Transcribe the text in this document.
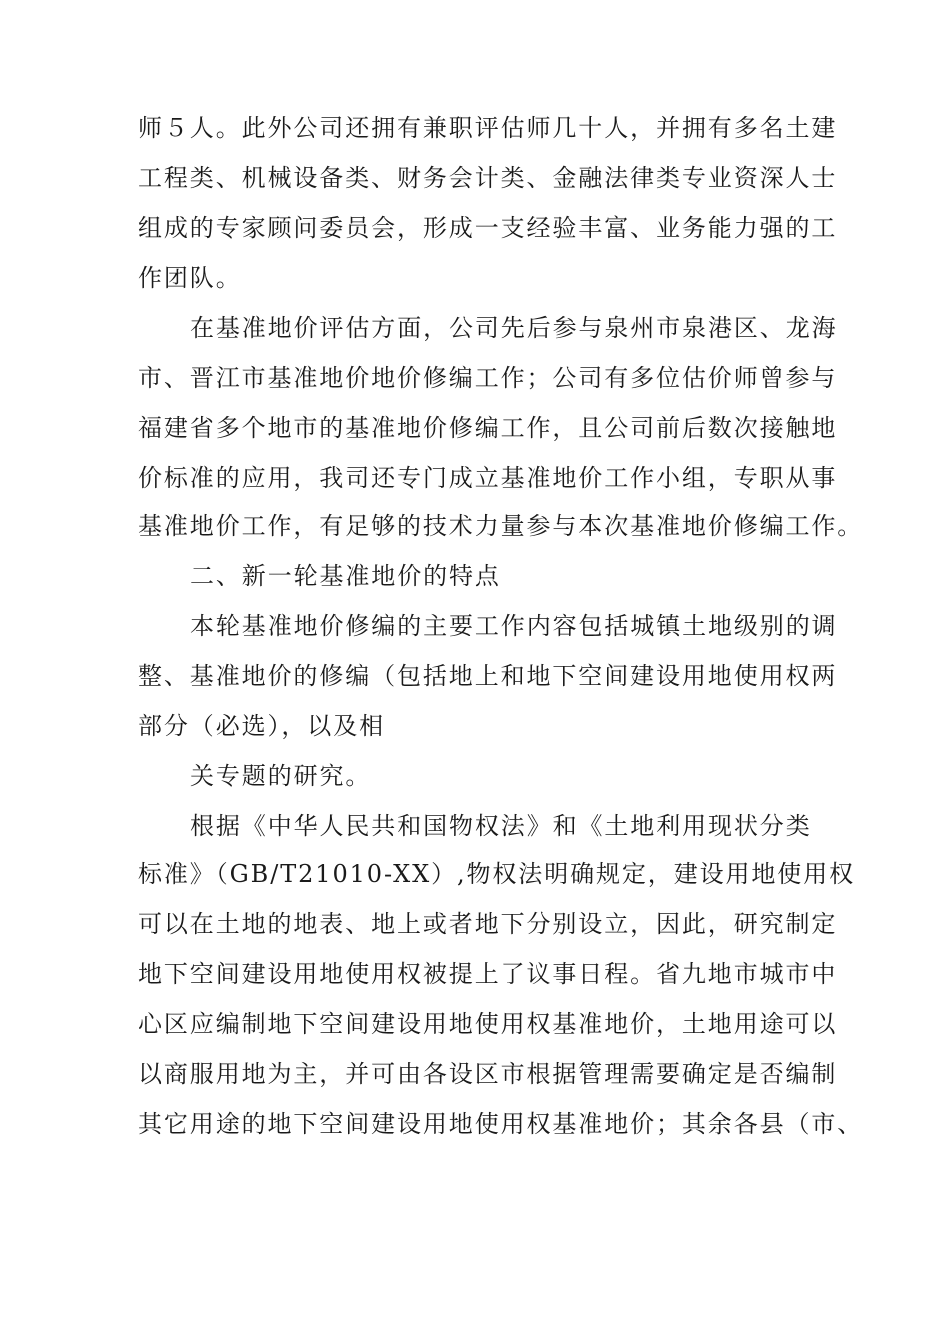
师５人。此外公司还拥有兼职评估师几十人，并拥有多名土建
工程类、机械设备类、财务会计类、金融法律类专业资深人士
组成的专家顾问委员会，形成一支经验丰富、业务能力强的工
作团队。
在基准地价评估方面，公司先后参与泉州市泉港区、龙海
市、晋江市基准地价地价修编工作；公司有多位估价师曾参与
福建省多个地市的基准地价修编工作，且公司前后数次接触地
价标准的应用，我司还专门成立基准地价工作小组，专职从事
基准地价工作，有足够的技术力量参与本次基准地价修编工作。
二、新一轮基准地价的特点
本轮基准地价修编的主要工作内容包括城镇土地级别的调
整、基准地价的修编（包括地上和地下空间建设用地使用权两
部分（必选），以及相
关专题的研究。
根据《中华人民共和国物权法》和《土地利用现状分类
标准》（GB/T21010-XX）,物权法明确规定，建设用地使用权
可以在土地的地表、地上或者地下分别设立，因此，研究制定
地下空间建设用地使用权被提上了议事日程。省九地市城市中
心区应编制地下空间建设用地使用权基准地价，土地用途可以
以商服用地为主，并可由各设区市根据管理需要确定是否编制
其它用途的地下空间建设用地使用权基准地价；其余各县（市、
